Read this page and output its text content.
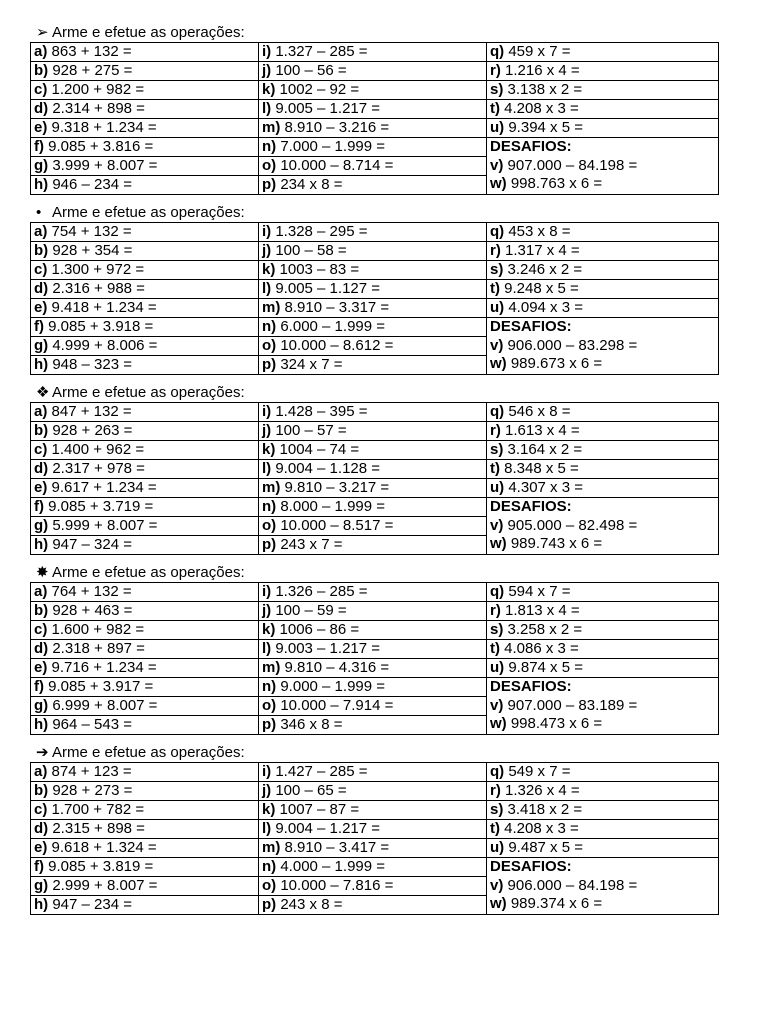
➢ Arme e efetue as operações:
a) 863 + 132 =	i) 1.327 – 285 =	q) 459 x 7 =
b) 928 + 275 =	j) 100 – 56 =	r) 1.216 x 4 =
c) 1.200 + 982 =	k) 1002 – 92 =	s) 3.138 x 2 =
d) 2.314 + 898 =	l) 9.005 – 1.217 =	t) 4.208 x 3 =
e) 9.318 + 1.234 =	m) 8.910 – 3.216 =	u) 9.394 x 5 =
f) 9.085 + 3.816 =	n) 7.000 – 1.999 =	DESAFIOS:
v) 907.000 – 84.198 =
w) 998.763 x 6 =

g) 3.999 + 8.007 =	o) 10.000 – 8.714 =	
h) 946 – 234 =	p) 234 x 8 =	
• Arme e efetue as operações:
a) 754 + 132 =	i) 1.328 – 295 =	q) 453 x 8 =
b) 928 + 354 =	j) 100 – 58 =	r) 1.317 x 4 =
c) 1.300 + 972 =	k) 1003 – 83 =	s) 3.246 x 2 =
d) 2.316 + 988 =	l) 9.005 – 1.127 =	t) 9.248 x 5 =
e) 9.418 + 1.234 =	m) 8.910 – 3.317 =	u) 4.094 x 3 =
f) 9.085 + 3.918 =	n) 6.000 – 1.999 =	DESAFIOS:
v) 906.000 – 83.298 =
w) 989.673 x 6 =

g) 4.999 + 8.006 =	o) 10.000 – 8.612 =	
h) 948 – 323 =	p) 324 x 7 =	
❖ Arme e efetue as operações:
a) 847 + 132 =	i) 1.428 – 395 =	q) 546 x 8 =
b) 928 + 263 =	j) 100 – 57 =	r) 1.613 x 4 =
c) 1.400 + 962 =	k) 1004 – 74 =	s) 3.164 x 2 =
d) 2.317 + 978 =	l) 9.004 – 1.128 =	t) 8.348 x 5 =
e) 9.617 + 1.234 =	m) 9.810 – 3.217 =	u) 4.307 x 3 =
f) 9.085 + 3.719 =	n) 8.000 – 1.999 =	DESAFIOS:
v) 905.000 – 82.498 =
w) 989.743 x 6 =

g) 5.999 + 8.007 =	o) 10.000 – 8.517 =	
h) 947 – 324 =	p) 243 x 7 =	
✸ Arme e efetue as operações:
a) 764 + 132 =	i) 1.326 – 285 =	q) 594 x 7 =
b) 928 + 463 =	j) 100 – 59 =	r) 1.813 x 4 =
c) 1.600 + 982 =	k) 1006 – 86 =	s) 3.258 x 2 =
d) 2.318 + 897 =	l) 9.003 – 1.217 =	t) 4.086 x 3 =
e) 9.716 + 1.234 =	m) 9.810 – 4.316 =	u) 9.874 x 5 =
f) 9.085 + 3.917 =	n) 9.000 – 1.999 =	DESAFIOS:
v) 907.000 – 83.189 =
w) 998.473 x 6 =

g) 6.999 + 8.007 =	o) 10.000 – 7.914 =	
h) 964 – 543 =	p) 346 x 8 =	
➔ Arme e efetue as operações:
a) 874 + 123 =	i) 1.427 – 285 =	q) 549 x 7 =
b) 928 + 273 =	j) 100 – 65 =	r) 1.326 x 4 =
c) 1.700 + 782 =	k) 1007 – 87 =	s) 3.418 x 2 =
d) 2.315 + 898 =	l) 9.004 – 1.217 =	t) 4.208 x 3 =
e) 9.618 + 1.324 =	m) 8.910 – 3.417 =	u) 9.487 x 5 =
f) 9.085 + 3.819 =	n) 4.000 – 1.999 =	DESAFIOS:
v) 906.000 – 84.198 =
w) 989.374 x 6 =

g) 2.999 + 8.007 =	o) 10.000 – 7.816 =	
h) 947 – 234 =	p) 243 x 8 =	
